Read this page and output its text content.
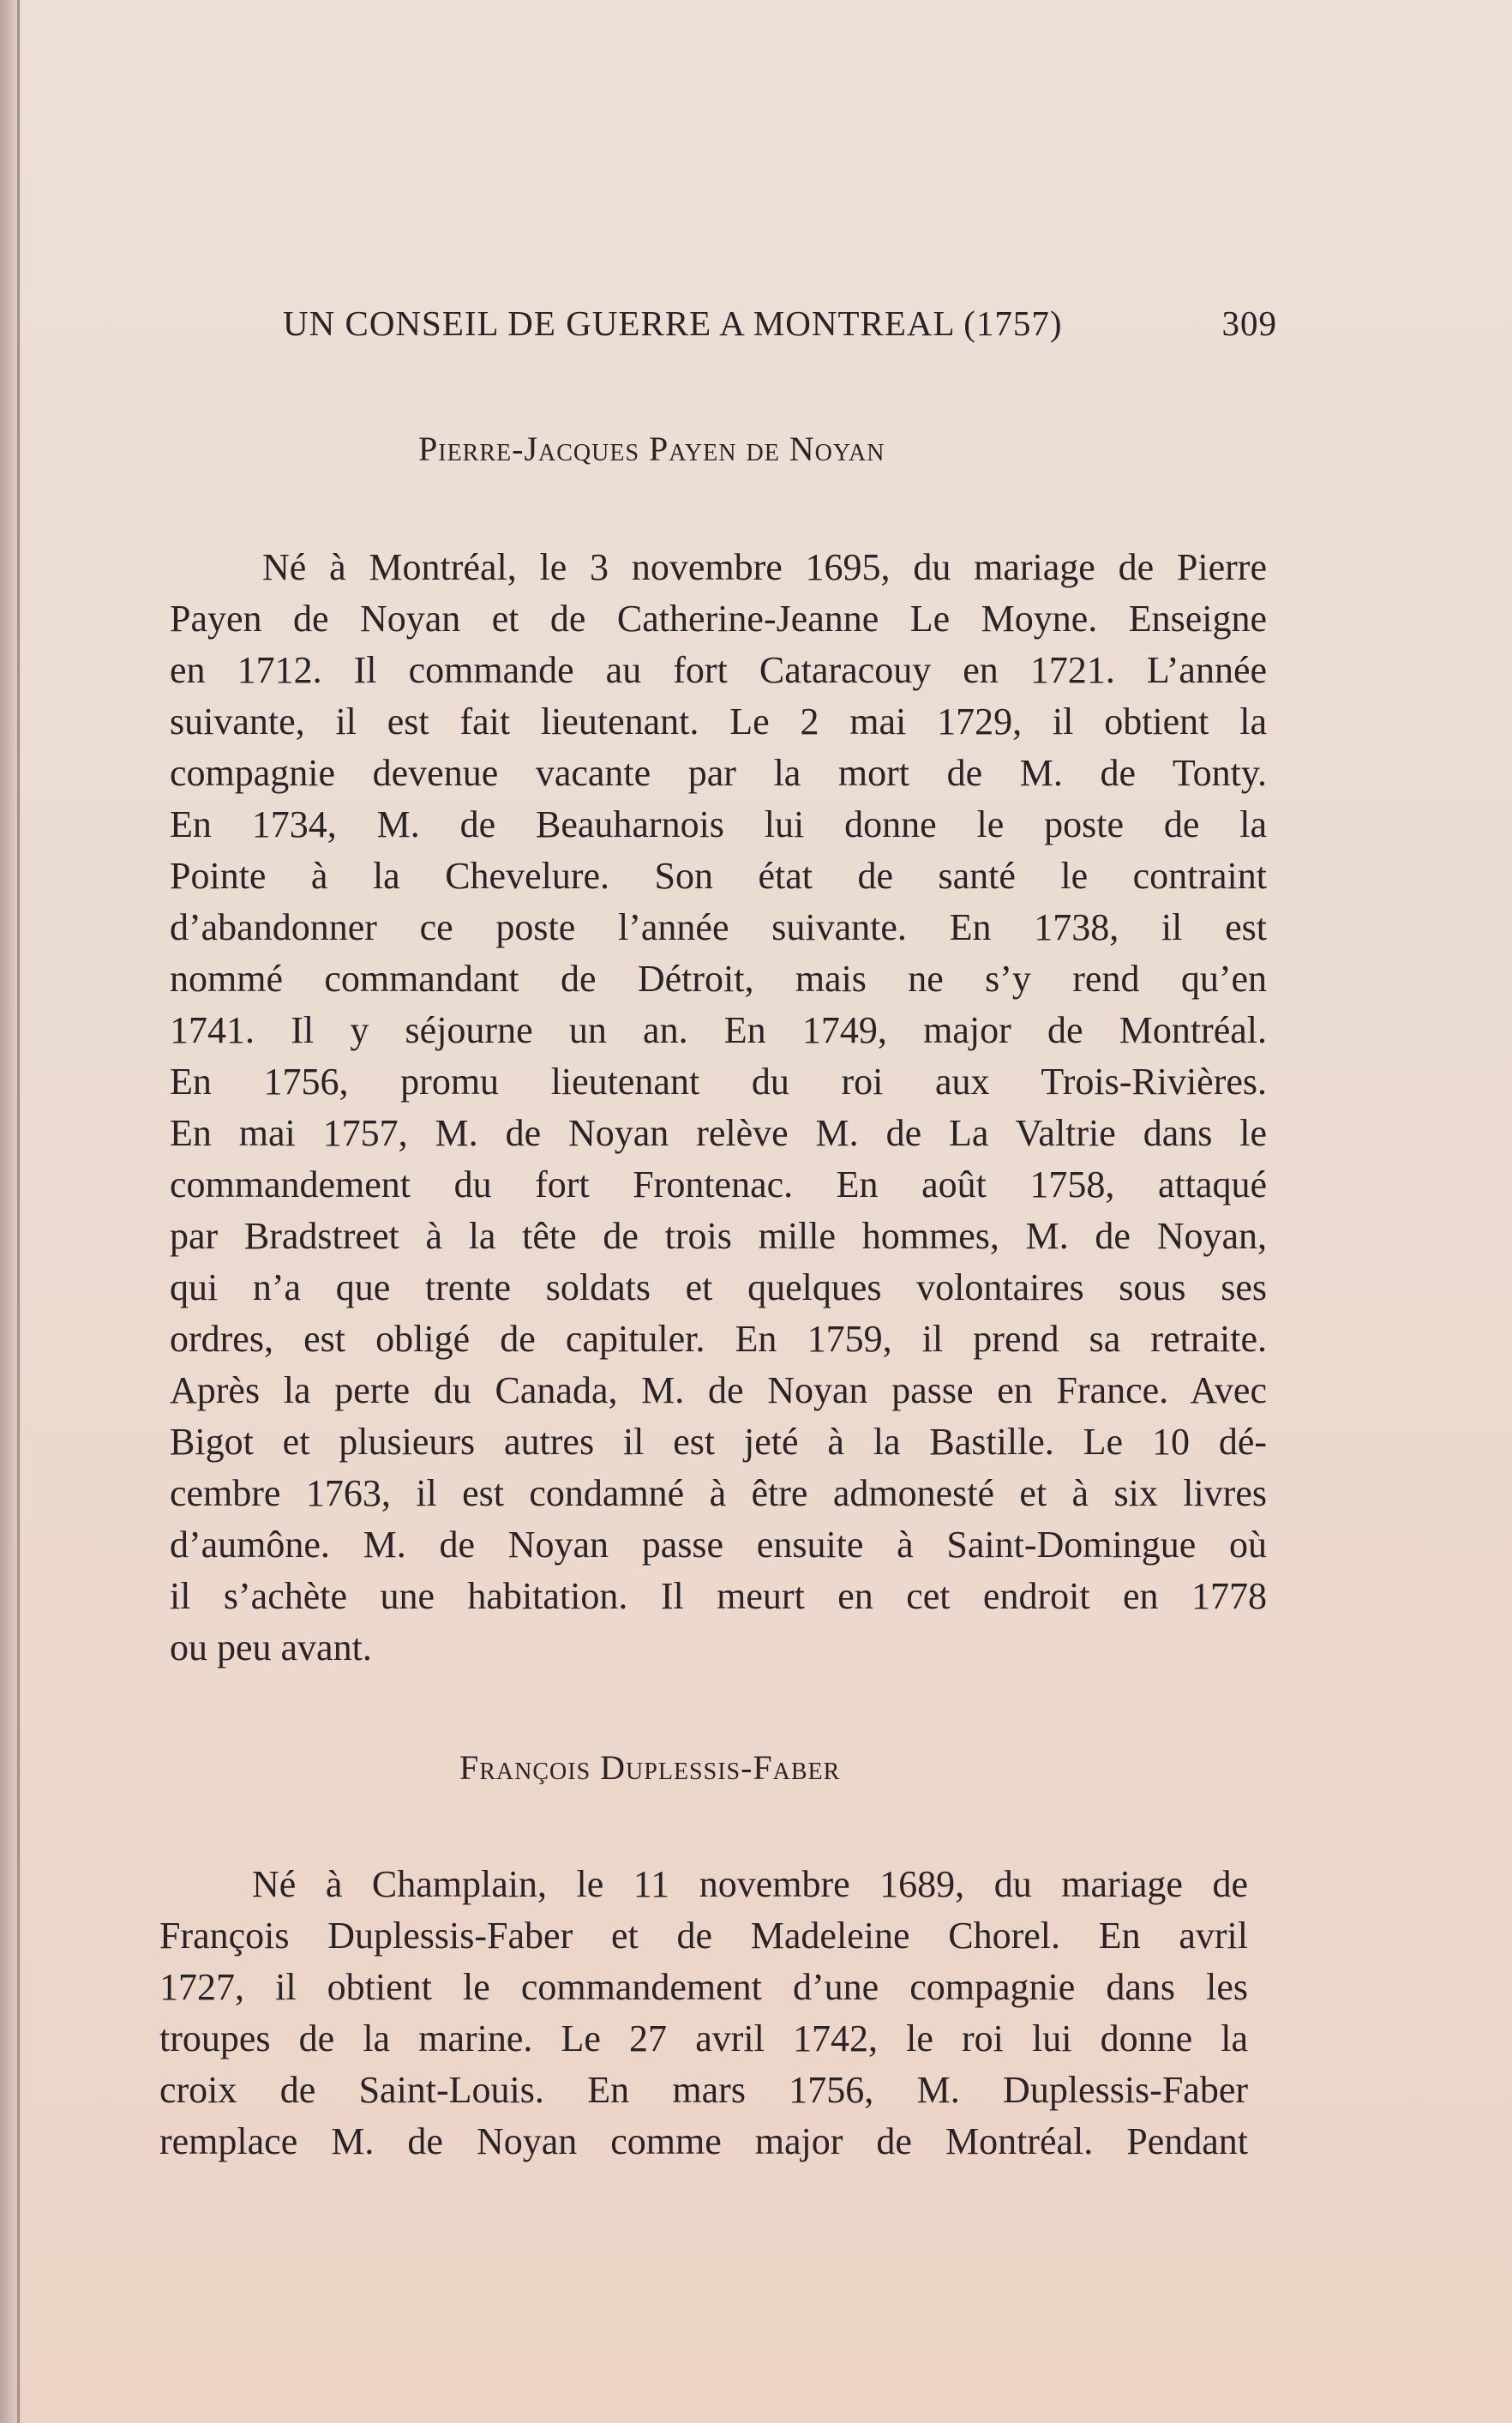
UN CONSEIL DE GUERRE A MONTREAL (1757)	309
Pierre-Jacques Payen de Noyan
Né à Montréal, le 3 novembre 1695, du mariage de Pierre
Payen de Noyan et de Catherine-Jeanne Le Moyne. Enseigne
en 1712. Il commande au fort Cataracouy en 1721. L’année
suivante, il est fait lieutenant. Le 2 mai 1729, il obtient la
compagnie devenue vacante par la mort de M. de Tonty.
En 1734, M. de Beauharnois lui donne le poste de la
Pointe à la Chevelure. Son état de santé le contraint
d’abandonner ce poste l’année suivante. En 1738, il est
nommé commandant de Détroit, mais ne s’y rend qu’en
1741. Il y séjourne un an. En 1749, major de Montréal.
En 1756, promu lieutenant du roi aux Trois-Rivières.
En mai 1757, M. de Noyan relève M. de La Valtrie dans le
commandement du fort Frontenac. En août 1758, attaqué
par Bradstreet à la tête de trois mille hommes, M. de Noyan,
qui n’a que trente soldats et quelques volontaires sous ses
ordres, est obligé de capituler. En 1759, il prend sa retraite.
Après la perte du Canada, M. de Noyan passe en France. Avec
Bigot et plusieurs autres il est jeté à la Bastille. Le 10 dé-
cembre 1763, il est condamné à être admonesté et à six livres
d’aumône. M. de Noyan passe ensuite à Saint-Domingue où
il s’achète une habitation. Il meurt en cet endroit en 1778
ou peu avant.
François Duplessis-Faber
Né à Champlain, le 11 novembre 1689, du mariage de
François Duplessis-Faber et de Madeleine Chorel. En avril
1727, il obtient le commandement d’une compagnie dans les
troupes de la marine. Le 27 avril 1742, le roi lui donne la
croix de Saint-Louis. En mars 1756, M. Duplessis-Faber
remplace M. de Noyan comme major de Montréal. Pendant
